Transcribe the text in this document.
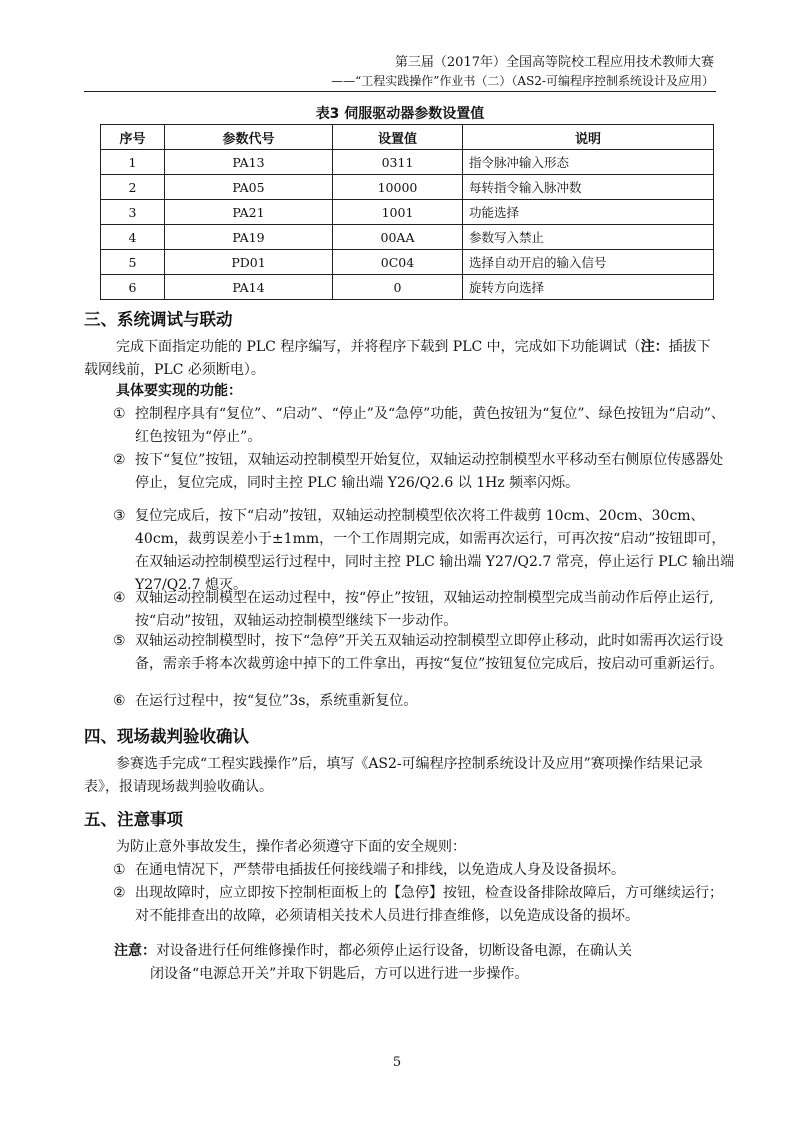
第三届（2017年）全国高等院校工程应用技术教师大赛
——“工程实践操作”作业书（二）（AS2-可编程序控制系统设计及应用）
表3 伺服驱动器参数设置值
序号	参数代号	设置值	说明
1	PA13	0311	指令脉冲输入形态
2	PA05	10000	每转指令输入脉冲数
3	PA21	1001	功能选择
4	PA19	00AA	参数写入禁止
5	PD01	0C04	选择自动开启的输入信号
6	PA14	0	旋转方向选择
三、系统调试与联动
完成下面指定功能的 PLC 程序编写，并将程序下载到 PLC 中，完成如下功能调试（注：插拔下载网线前，PLC 必须断电）。
具体要实现的功能：
① 控制程序具有“复位”、“启动”、“停止”及“急停”功能，黄色按钮为“复位”、绿色按钮为“启动”、红色按钮为“停止”。
② 按下“复位”按钮，双轴运动控制模型开始复位，双轴运动控制模型水平移动至右侧原位传感器处停止，复位完成，同时主控 PLC 输出端 Y26/Q2.6 以 1Hz 频率闪烁。
③ 复位完成后，按下“启动”按钮，双轴运动控制模型依次将工件裁剪 10cm、20cm、30cm、40cm，裁剪误差小于±1mm，一个工作周期完成，如需再次运行，可再次按“启动”按钮即可，在双轴运动控制模型运行过程中，同时主控 PLC 输出端 Y27/Q2.7 常亮，停止运行 PLC 输出端 Y27/Q2.7 熄灭。
④ 双轴运动控制模型在运动过程中，按“停止”按钮，双轴运动控制模型完成当前动作后停止运行,按“启动”按钮，双轴运动控制模型继续下一步动作。
⑤ 双轴运动控制模型时，按下“急停”开关五双轴运动控制模型立即停止移动，此时如需再次运行设备，需亲手将本次裁剪途中掉下的工件拿出，再按“复位”按钮复位完成后，按启动可重新运行。
⑥ 在运行过程中，按“复位”3s，系统重新复位。
四、现场裁判验收确认
参赛选手完成“工程实践操作”后，填写《AS2-可编程序控制系统设计及应用”赛项操作结果记录表》，报请现场裁判验收确认。
五、注意事项
为防止意外事故发生，操作者必须遵守下面的安全规则：
① 在通电情况下，严禁带电插拔任何接线端子和排线，以免造成人身及设备损坏。
② 出现故障时，应立即按下控制柜面板上的【急停】按钮，检查设备排除故障后，方可继续运行；对不能排查出的故障，必须请相关技术人员进行排查维修，以免造成设备的损坏。
注意：对设备进行任何维修操作时，都必须停止运行设备，切断设备电源，在确认关
闭设备“电源总开关”并取下钥匙后，方可以进行进一步操作。
5
